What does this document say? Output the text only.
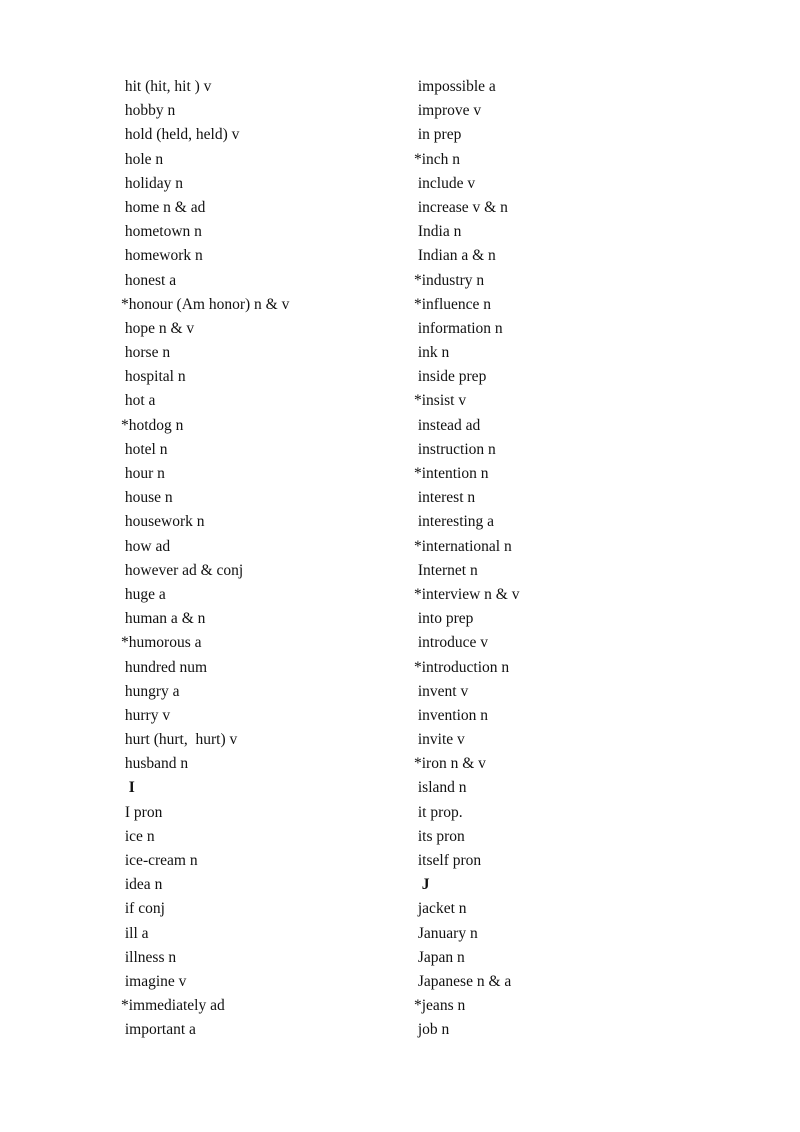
hit (hit, hit ) v
hobby n
hold (held, held) v
hole n
holiday n
home n & ad
hometown n
homework n
honest a
*honour (Am honor) n & v
hope n & v
horse n
hospital n
hot a
*hotdog n
hotel n
hour n
house n
housework n
how ad
however ad & conj
huge a
human a & n
*humorous a
hundred num
hungry a
hurry v
hurt (hurt,  hurt) v
husband n
I
I pron
ice n
ice-cream n
idea n
if conj
ill a
illness n
imagine v
*immediately ad
important a
impossible a
improve v
in prep
*inch n
include v
increase v & n
India n
Indian a & n
*industry n
*influence n
information n
ink n
inside prep
*insist v
instead ad
instruction n
*intention n
interest n
interesting a
*international n
Internet n
*interview n & v
into prep
introduce v
*introduction n
invent v
invention n
invite v
*iron n & v
island n
it prop.
its pron
itself pron
J
jacket n
January n
Japan n
Japanese n & a
*jeans n
job n
